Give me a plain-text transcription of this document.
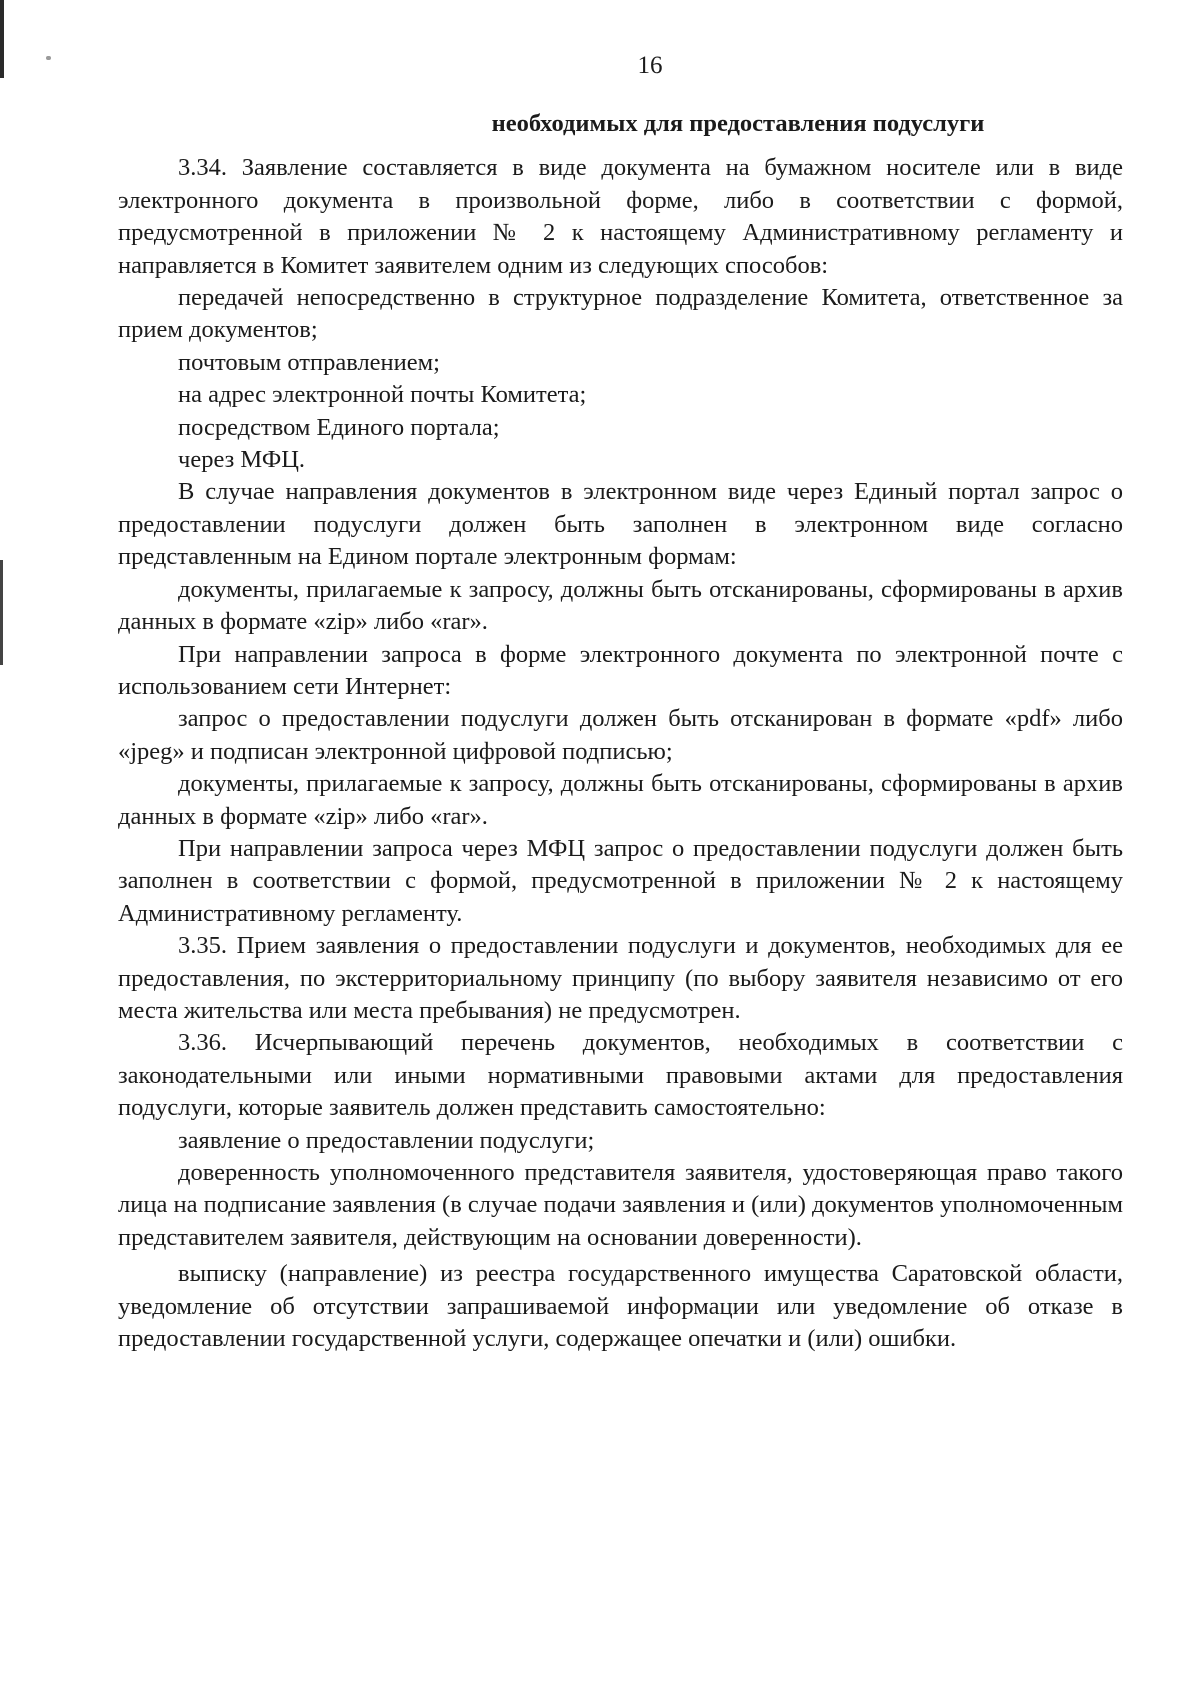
16
необходимых для предоставления подуслуги

3.34. Заявление составляется в виде документа на бумажном носителе или в виде электронного документа в произвольной форме, либо в соответствии с формой, предусмотренной в приложении № 2 к настоящему Административному регламенту и направляется в Комитет заявителем одним из следующих способов:

передачей непосредственно в структурное подразделение Комитета, ответственное за прием документов;

почтовым отправлением;

на адрес электронной почты Комитета;

посредством Единого портала;

через МФЦ.

В случае направления документов в электронном виде через Единый портал запрос о предоставлении подуслуги должен быть заполнен в электронном виде согласно представленным на Едином портале электронным формам:

документы, прилагаемые к запросу, должны быть отсканированы, сформированы в архив данных в формате «zip» либо «rar».

При направлении запроса в форме электронного документа по электронной почте с использованием сети Интернет:

запрос о предоставлении подуслуги должен быть отсканирован в формате «pdf» либо «jpeg» и подписан электронной цифровой подписью;

документы, прилагаемые к запросу, должны быть отсканированы, сформированы в архив данных в формате «zip» либо «rar».

При направлении запроса через МФЦ запрос о предоставлении подуслуги должен быть заполнен в соответствии с формой, предусмотренной в приложении № 2 к настоящему Административному регламенту.

3.35. Прием заявления о предоставлении подуслуги и документов, необходимых для ее предоставления, по экстерриториальному принципу (по выбору заявителя независимо от его места жительства или места пребывания) не предусмотрен.

3.36. Исчерпывающий перечень документов, необходимых в соответствии с законодательными или иными нормативными правовыми актами для предоставления подуслуги, которые заявитель должен представить самостоятельно:

заявление о предоставлении подуслуги;

доверенность уполномоченного представителя заявителя, удостоверяющая право такого лица на подписание заявления (в случае подачи заявления и (или) документов уполномоченным представителем заявителя, действующим на основании доверенности).

выписку (направление) из реестра государственного имущества Саратовской области, уведомление об отсутствии запрашиваемой информации или уведомление об отказе в предоставлении государственной услуги, содержащее опечатки и (или) ошибки.
